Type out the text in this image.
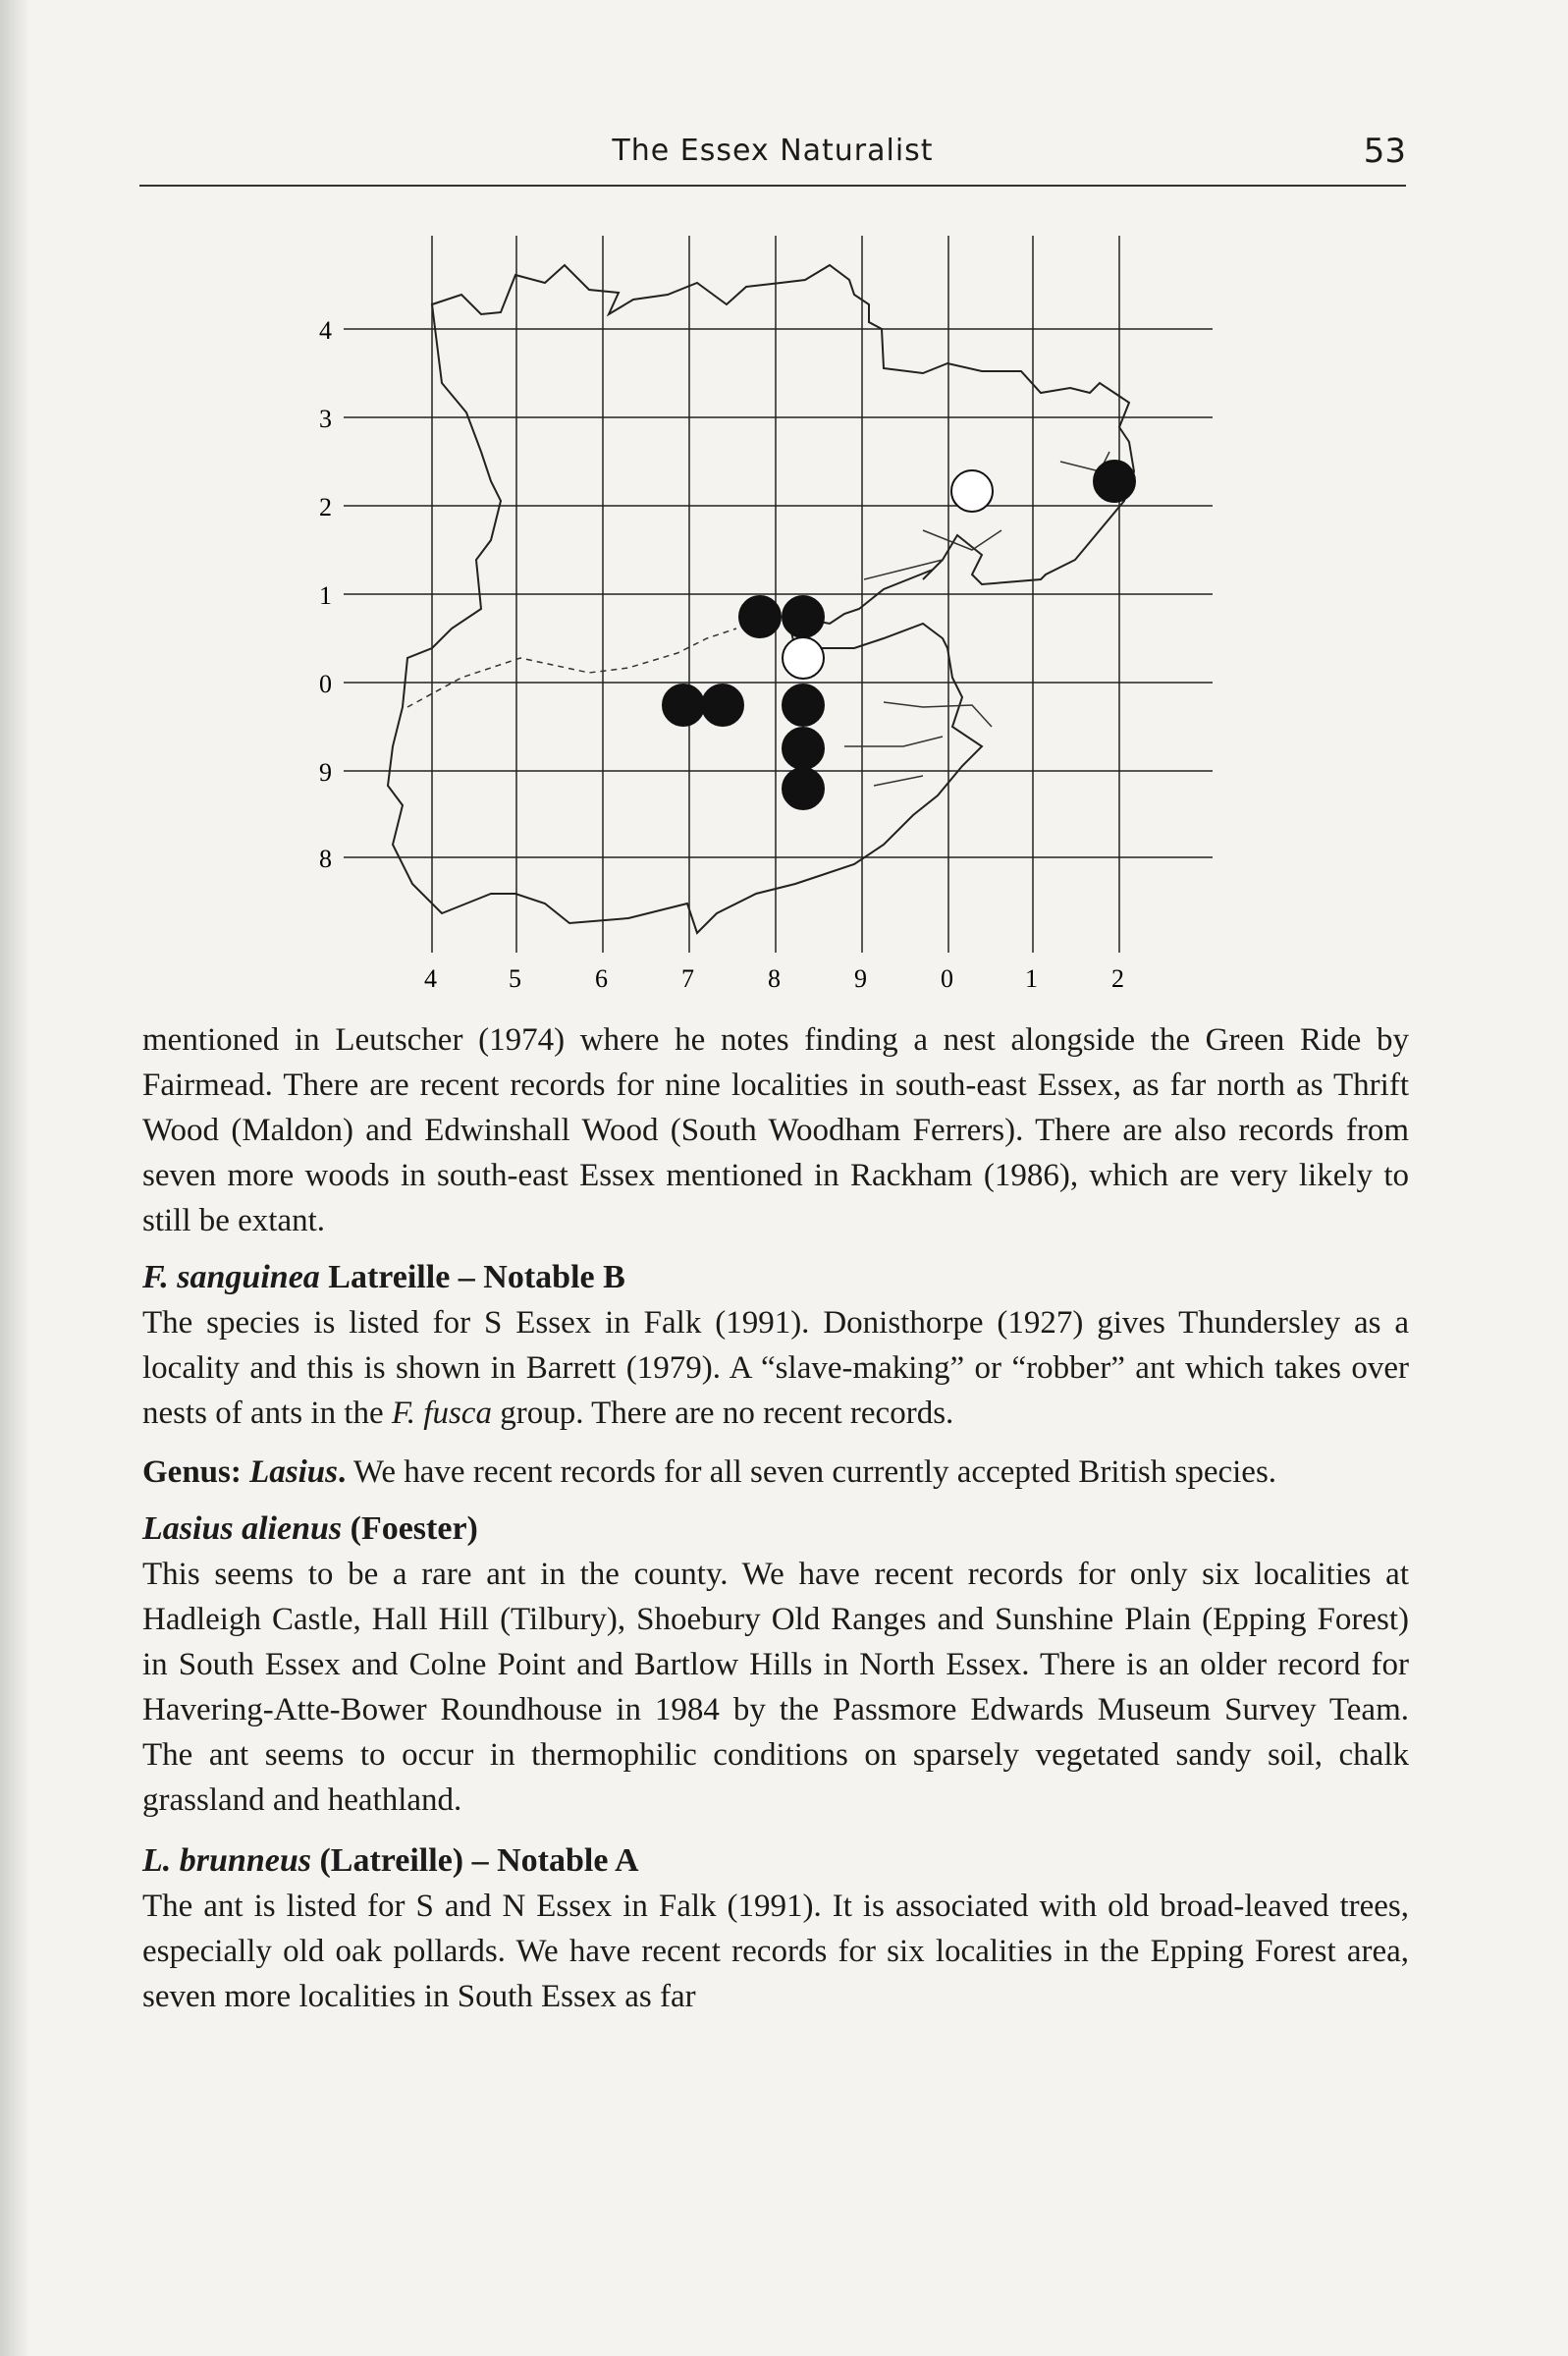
The Essex Naturalist	53
4
3
2
1
0
9
8
4	5	6	7	8	9	0	1	2

mentioned in Leutscher (1974) where he notes finding a nest alongside the Green Ride by Fairmead. There are recent records for nine localities in south-east Essex, as far north as Thrift Wood (Maldon) and Edwinshall Wood (South Woodham Ferrers). There are also records from seven more woods in south-east Essex mentioned in Rackham (1986), which are very likely to still be extant.

F. sanguinea Latreille – Notable B

The species is listed for S Essex in Falk (1991). Donisthorpe (1927) gives Thundersley as a locality and this is shown in Barrett (1979). A “slave-making” or “robber” ant which takes over nests of ants in the F. fusca group. There are no recent records.

Genus: Lasius. We have recent records for all seven currently accepted British species.

Lasius alienus (Foester)

This seems to be a rare ant in the county. We have recent records for only six localities at Hadleigh Castle, Hall Hill (Tilbury), Shoebury Old Ranges and Sunshine Plain (Epping Forest) in South Essex and Colne Point and Bartlow Hills in North Essex. There is an older record for Havering-Atte-Bower Roundhouse in 1984 by the Passmore Edwards Museum Survey Team. The ant seems to occur in thermophilic conditions on sparsely vegetated sandy soil, chalk grassland and heathland.

L. brunneus (Latreille) – Notable A

The ant is listed for S and N Essex in Falk (1991). It is associated with old broad-leaved trees, especially old oak pollards. We have recent records for six localities in the Epping Forest area, seven more localities in South Essex as far
